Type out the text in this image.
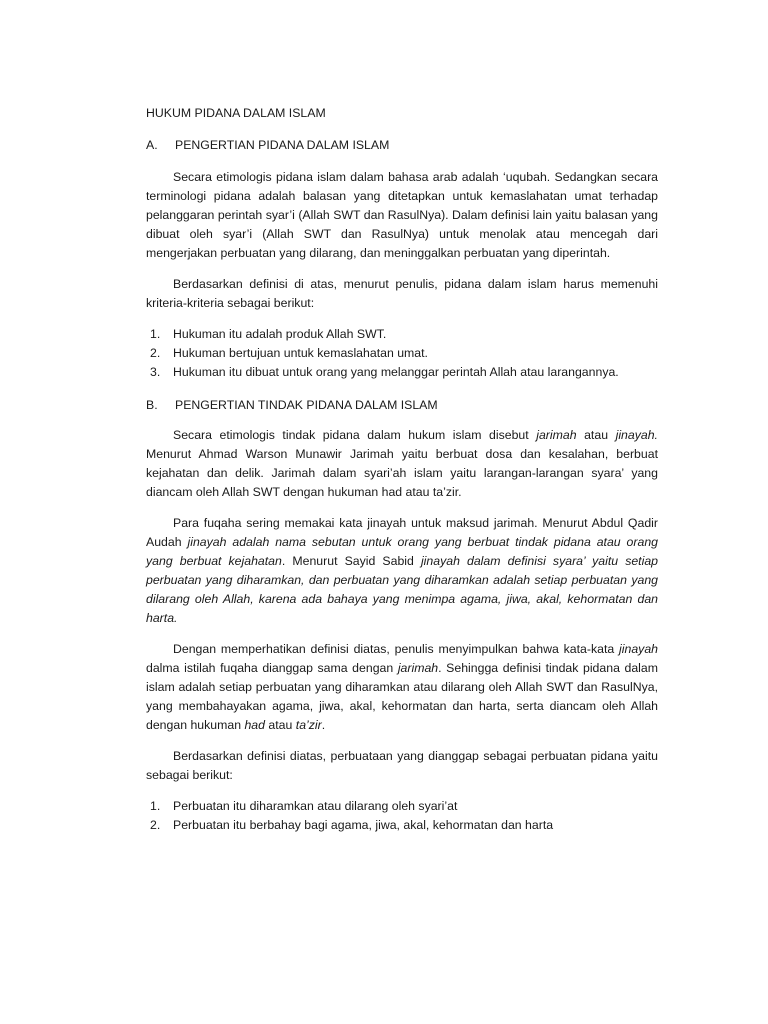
HUKUM PIDANA DALAM ISLAM
A.	PENGERTIAN PIDANA DALAM ISLAM

Secara etimologis pidana islam dalam bahasa arab adalah ‘uqubah. Sedangkan secara terminologi pidana adalah balasan yang ditetapkan untuk kemaslahatan umat terhadap pelanggaran perintah syar’i (Allah SWT dan RasulNya). Dalam definisi lain yaitu balasan yang dibuat oleh syar’i (Allah SWT dan RasulNya) untuk menolak atau mencegah dari mengerjakan perbuatan yang dilarang, dan meninggalkan perbuatan yang diperintah.

Berdasarkan definisi di atas, menurut penulis, pidana dalam islam harus memenuhi kriteria-kriteria sebagai berikut:

1.	Hukuman itu adalah produk Allah SWT.
2.	Hukuman bertujuan untuk kemaslahatan umat.
3.	Hukuman itu dibuat untuk orang yang melanggar perintah Allah atau larangannya.
B.	PENGERTIAN TINDAK PIDANA DALAM ISLAM

Secara etimologis tindak pidana dalam hukum islam disebut jarimah atau jinayah. Menurut Ahmad Warson Munawir Jarimah yaitu berbuat dosa dan kesalahan, berbuat kejahatan dan delik. Jarimah dalam syari’ah islam yaitu larangan-larangan syara’ yang diancam oleh Allah SWT dengan hukuman had atau ta’zir.

Para fuqaha sering memakai kata jinayah untuk maksud jarimah. Menurut Abdul Qadir Audah jinayah adalah nama sebutan untuk orang yang berbuat tindak pidana atau orang yang berbuat kejahatan. Menurut Sayid Sabid jinayah dalam definisi syara’ yaitu setiap perbuatan yang diharamkan, dan perbuatan yang diharamkan adalah setiap perbuatan yang dilarang oleh Allah, karena ada bahaya yang menimpa agama, jiwa, akal, kehormatan dan harta.

Dengan memperhatikan definisi diatas, penulis menyimpulkan bahwa kata-kata jinayah dalma istilah fuqaha dianggap sama dengan jarimah. Sehingga definisi tindak pidana dalam islam adalah setiap perbuatan yang diharamkan atau dilarang oleh Allah SWT dan RasulNya, yang membahayakan agama, jiwa, akal, kehormatan dan harta, serta diancam oleh Allah dengan hukuman had atau ta’zir.

Berdasarkan definisi diatas, perbuataan yang dianggap sebagai perbuatan pidana yaitu sebagai berikut:

1.	Perbuatan itu diharamkan atau dilarang oleh syari’at
2.	Perbuatan itu berbahay bagi agama, jiwa, akal, kehormatan dan harta
